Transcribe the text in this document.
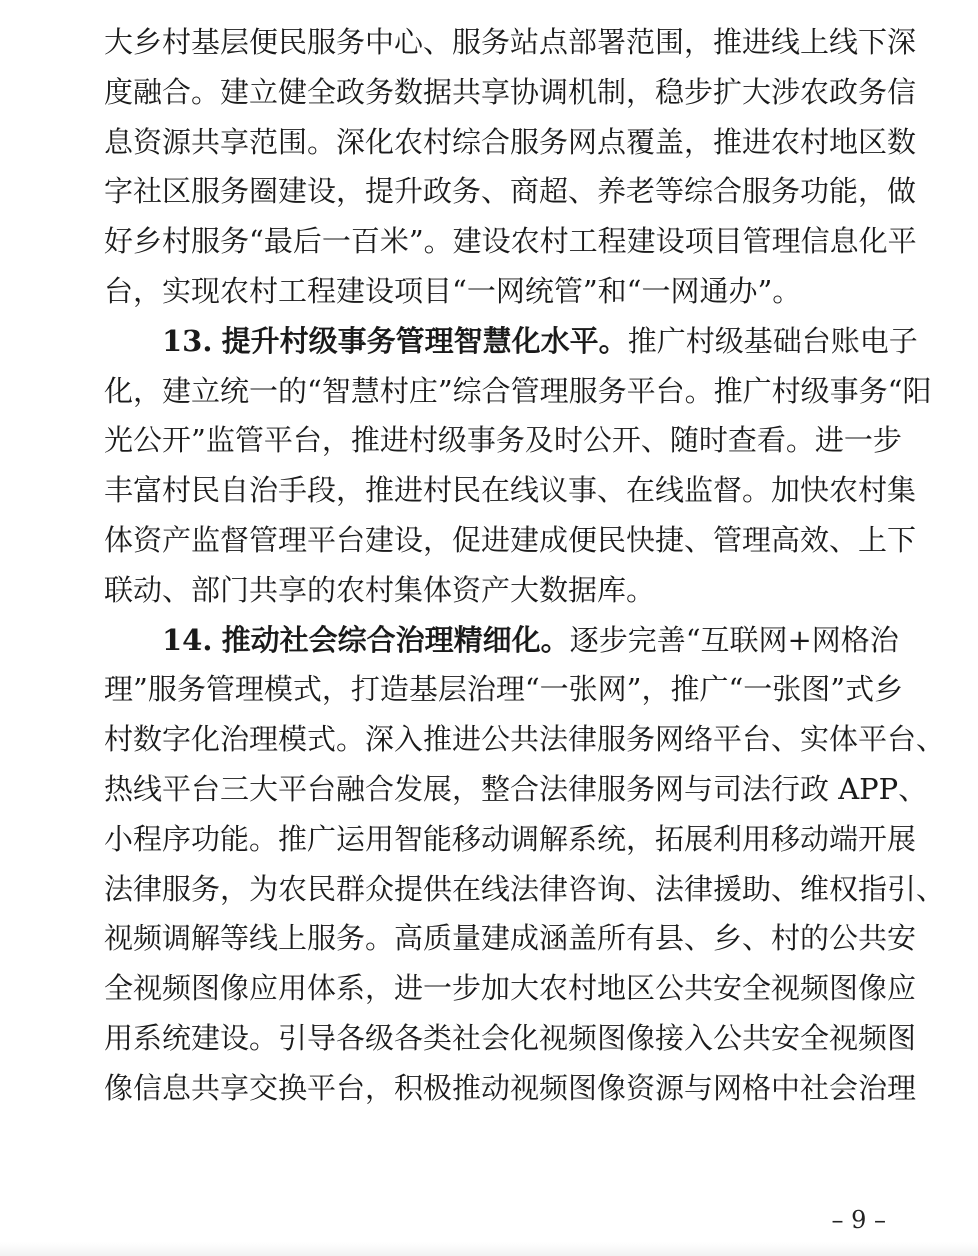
大乡村基层便民服务中心、服务站点部署范围，推进线上线下深
度融合。建立健全政务数据共享协调机制，稳步扩大涉农政务信
息资源共享范围。深化农村综合服务网点覆盖，推进农村地区数
字社区服务圈建设，提升政务、商超、养老等综合服务功能，做
好乡村服务“最后一百米”。建设农村工程建设项目管理信息化平
台，实现农村工程建设项目“一网统管”和“一网通办”。
13. 提升村级事务管理智慧化水平。推广村级基础台账电子
化，建立统一的“智慧村庄”综合管理服务平台。推广村级事务“阳
光公开”监管平台，推进村级事务及时公开、随时查看。进一步
丰富村民自治手段，推进村民在线议事、在线监督。加快农村集
体资产监督管理平台建设，促进建成便民快捷、管理高效、上下
联动、部门共享的农村集体资产大数据库。
14. 推动社会综合治理精细化。逐步完善“互联网+网格治
理”服务管理模式，打造基层治理“一张网”，推广“一张图”式乡
村数字化治理模式。深入推进公共法律服务网络平台、实体平台、
热线平台三大平台融合发展，整合法律服务网与司法行政 APP、
小程序功能。推广运用智能移动调解系统，拓展利用移动端开展
法律服务，为农民群众提供在线法律咨询、法律援助、维权指引、
视频调解等线上服务。高质量建成涵盖所有县、乡、村的公共安
全视频图像应用体系，进一步加大农村地区公共安全视频图像应
用系统建设。引导各级各类社会化视频图像接入公共安全视频图
像信息共享交换平台，积极推动视频图像资源与网格中社会治理
– 9 –
